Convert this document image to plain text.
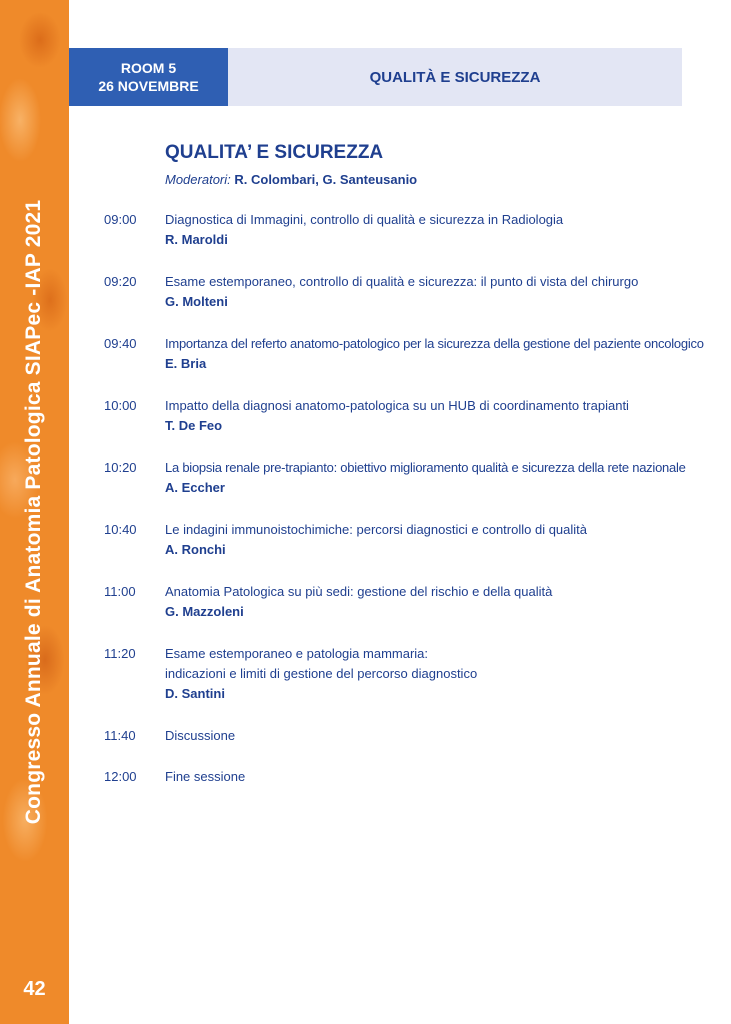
Congresso Annuale di Anatomia Patologica SIAPec -IAP 2021
42
ROOM 5
26 NOVEMBRE
QUALITÀ E SICUREZZA
QUALITA’ E SICUREZZA
Moderatori: R. Colombari, G. Santeusanio
09:00 Diagnostica di Immagini, controllo di qualità e sicurezza in Radiologia
R. Maroldi
09:20 Esame estemporaneo, controllo di qualità e sicurezza: il punto di vista del chirurgo
G. Molteni
09:40 Importanza del referto anatomo-patologico per la sicurezza della gestione del paziente oncologico
E. Bria
10:00 Impatto della diagnosi anatomo-patologica su un HUB di coordinamento trapianti
T. De Feo
10:20 La biopsia renale pre-trapianto: obiettivo miglioramento qualità e sicurezza della rete nazionale
A. Eccher
10:40 Le indagini immunoistochimiche: percorsi diagnostici e controllo di qualità
A. Ronchi
11:00 Anatomia Patologica su più sedi: gestione del rischio e della qualità
G. Mazzoleni
11:20 Esame estemporaneo e patologia mammaria:
indicazioni e limiti di gestione del percorso diagnostico
D. Santini
11:40 Discussione
12:00 Fine sessione
